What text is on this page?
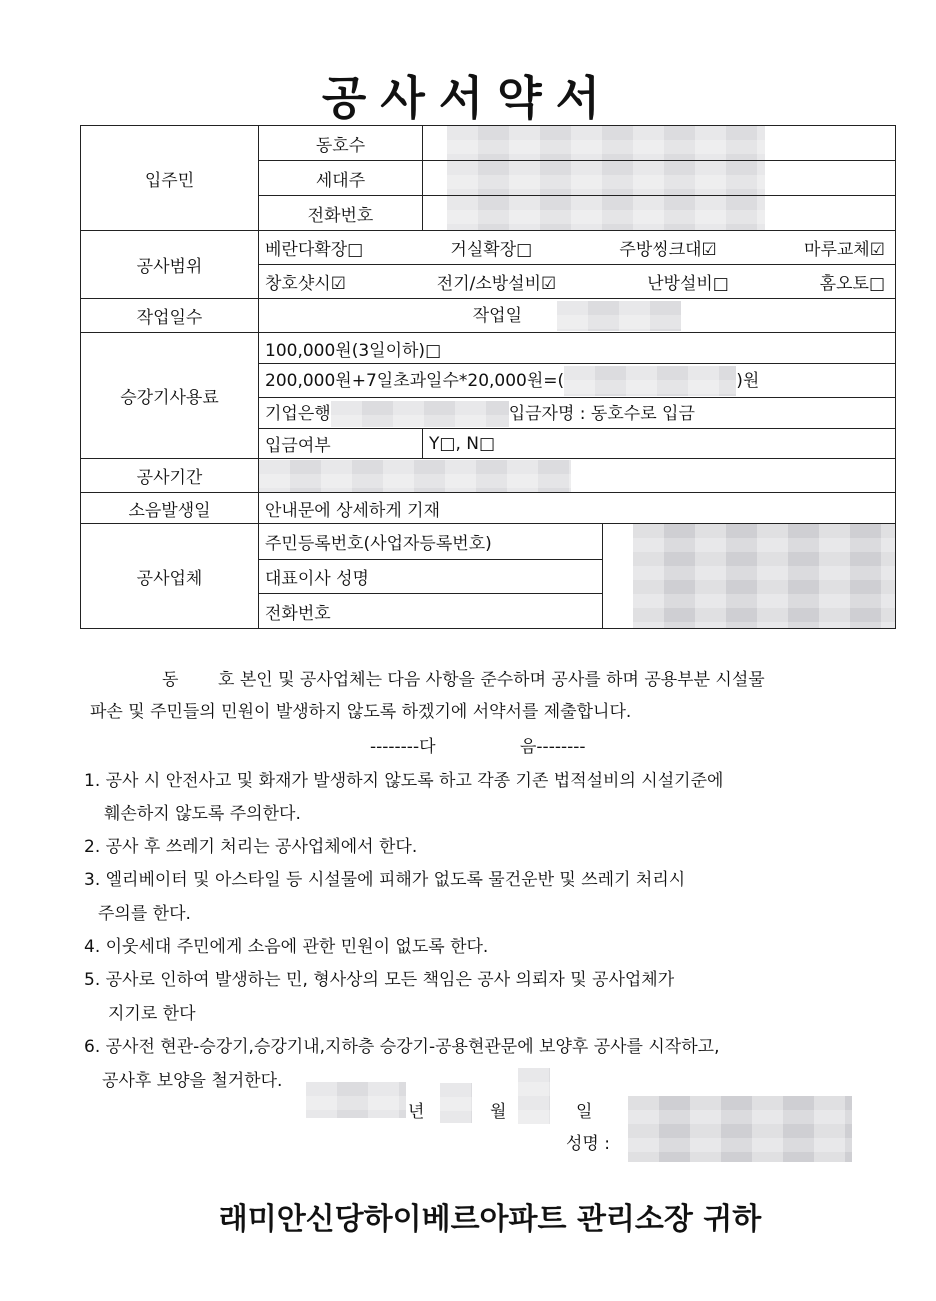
공사서약서
입주민	동호수		
	세대주		
	전화번호		
공사범위	베란다확장□ 거실확장□ 주방씽크대☑ 마루교체☑		

	창호샷시☑ 전기/소방설비☑ 난방설비□ 홈오토□		

작업일수	작업일		
승강기사용료	100,000원(3일이하)□		
	200,000원+7일초과일수*20,000원=( )원		
	기업은행 입금자명 : 동호수로 입금		
	입금여부	Y□, N□	
공사기간			
소음발생일	안내문에 상세하게 기재		
공사업체	주민등록번호(사업자등록번호)		
	대표이사 성명		
	전화번호		
동 호 본인 및 공사업체는 다음 사항을 준수하며 공사를 하며 공용부분 시설물
파손 및 주민들의 민원이 발생하지 않도록 하겠기에 서약서를 제출합니다.
--------다	음--------
1. 공사 시 안전사고 및 화재가 발생하지 않도록 하고 각종 기존 법적설비의 시설기준에
훼손하지 않도록 주의한다.
2. 공사 후 쓰레기 처리는 공사업체에서 한다.
3. 엘리베이터 및 아스타일 등 시설물에 피해가 없도록 물건운반 및 쓰레기 처리시
주의를 한다.
4. 이웃세대 주민에게 소음에 관한 민원이 없도록 한다.
5. 공사로 인하여 발생하는 민, 형사상의 모든 책임은 공사 의뢰자 및 공사업체가
지기로 한다
6. 공사전 현관-승강기,승강기내,지하층 승강기-공용현관문에 보양후 공사를 시작하고,
공사후 보양을 철거한다.
년	월	일
성명 :
래미안신당하이베르아파트 관리소장 귀하
